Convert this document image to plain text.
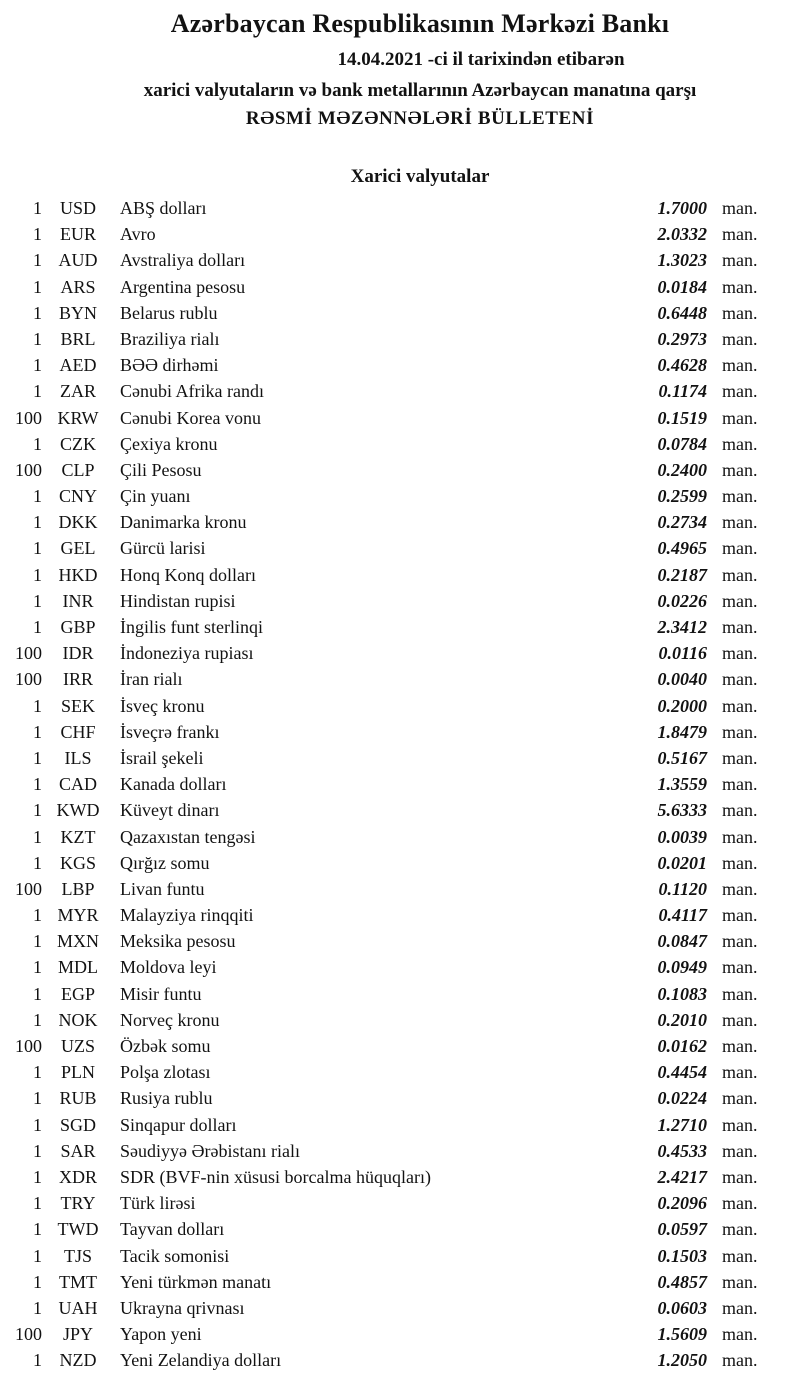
Azərbaycan Respublikasının Mərkəzi Bankı
14.04.2021 -ci il tarixindən etibarən
xarici valyutaların və bank metallarının Azərbaycan manatına qarşı
RƏSMİ MƏZƏNNƏLƏRİ BÜLLETENİ
Xarici valyutalar
1 USD	ABŞ dolları	1.7000 man.
1	EUR	Avro	2.0332 man.
1 AUD	Avstraliya dolları	1.3023 man.
1	ARS	Argentina pesosu	0.0184 man.
1 BYN	Belarus rublu	0.6448 man.
1	BRL	Braziliya rialı	0.2973 man.
1 AED	BƏƏ dirhəmi	0.4628 man.
1	ZAR	Cənubi Afrika randı	0.1174 man.
100 KRW	Cənubi Korea vonu	0.1519 man.
1	CZK	Çexiya kronu	0.0784 man.
100	CLP	Çili Pesosu	0.2400 man.
1 CNY	Çin yuanı	0.2599 man.
1 DKK	Danimarka kronu	0.2734 man.
1	GEL	Gürcü larisi	0.4965 man.
1 HKD	Honq Konq dolları	0.2187 man.
1	INR	Hindistan rupisi	0.0226 man.
1	GBP	İngilis funt sterlinqi	2.3412 man.
100	IDR	İndoneziya rupiası	0.0116 man.
100	IRR	İran rialı	0.0040 man.
1	SEK	İsveç kronu	0.2000 man.
1	CHF	İsveçrə frankı	1.8479 man.
1	ILS	İsrail şekeli	0.5167 man.
1 CAD	Kanada dolları	1.3559 man.
1 KWD	Küveyt dinarı	5.6333 man.
1	KZT	Qazaxıstan tengəsi	0.0039 man.
1 KGS	Qırğız somu	0.0201 man.
100	LBP	Livan funtu	0.1120 man.
1 MYR	Malayziya rinqqiti	0.4117 man.
1 MXN	Meksika pesosu	0.0847 man.
1 MDL	Moldova leyi	0.0949 man.
1	EGP	Misir funtu	0.1083 man.
1 NOK	Norveç kronu	0.2010 man.
100	UZS	Özbək somu	0.0162 man.
1	PLN	Polşa zlotası	0.4454 man.
1 RUB	Rusiya rublu	0.0224 man.
1 SGD	Sinqapur dolları	1.2710 man.
1	SAR	Səudiyyə Ərəbistanı rialı	0.4533 man.
1 XDR	SDR (BVF-nin xüsusi borcalma hüquqları)	2.4217 man.
1	TRY	Türk lirəsi	0.2096 man.
1 TWD	Tayvan dolları	0.0597 man.
1	TJS	Tacik somonisi	0.1503 man.
1 TMT	Yeni türkmən manatı	0.4857 man.
1 UAH	Ukrayna qrivnası	0.0603 man.
100	JPY	Yapon yeni	1.5609 man.
1 NZD	Yeni Zelandiya dolları	1.2050 man.
